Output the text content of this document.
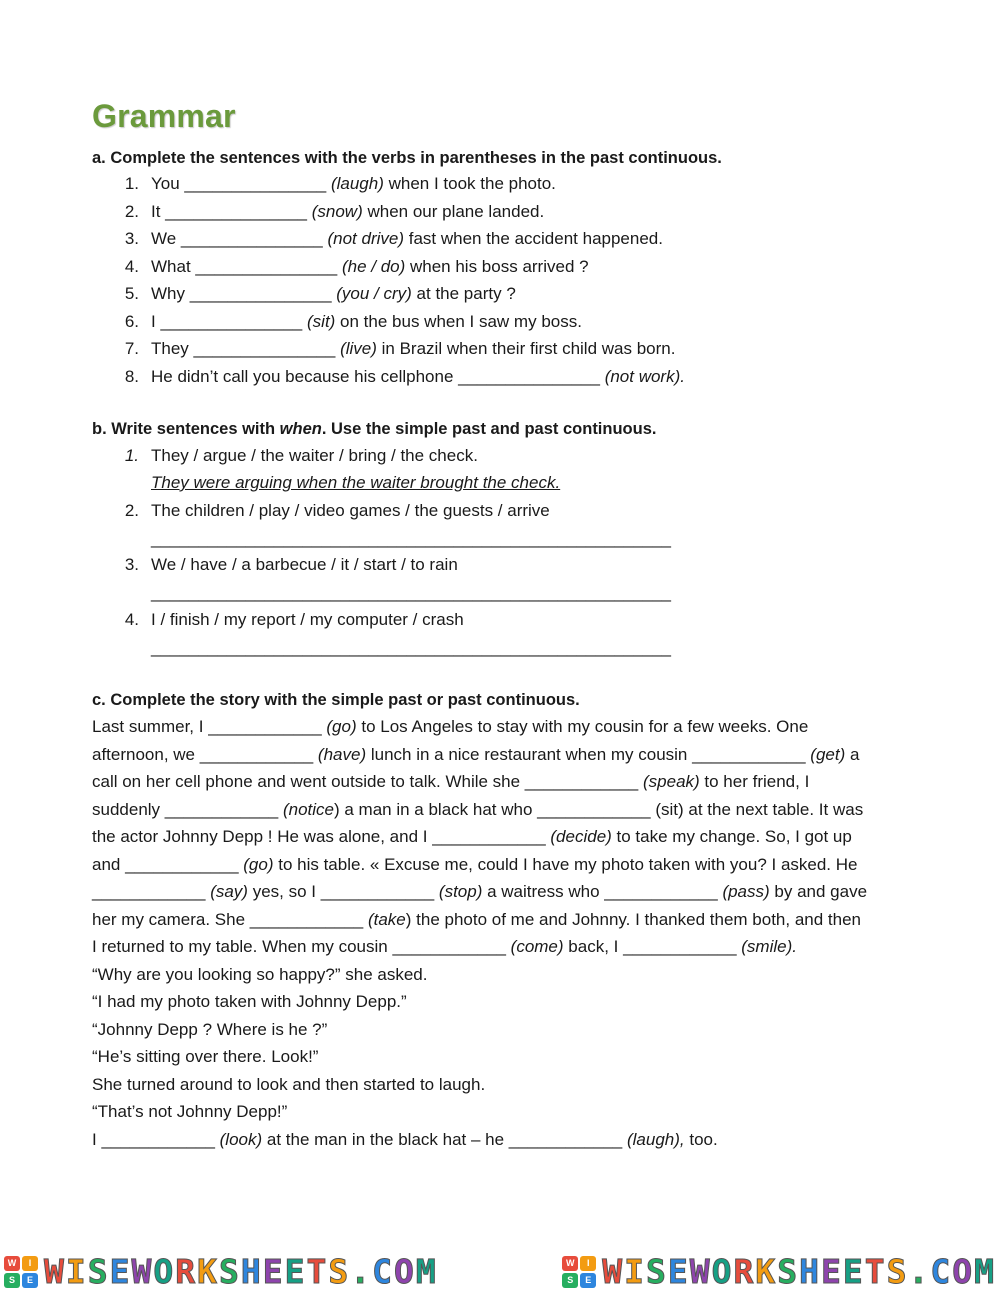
Grammar
a. Complete the sentences with the verbs in parentheses in the past continuous.
1. You _______________ (laugh) when I took the photo.
2. It _______________ (snow) when our plane landed.
3. We _______________ (not drive) fast when the accident happened.
4. What _______________ (he / do) when his boss arrived ?
5. Why _______________ (you / cry) at the party ?
6. I _______________ (sit) on the bus when I saw my boss.
7. They _______________ (live) in Brazil when their first child was born.
8. He didn’t call you because his cellphone _______________ (not work).
b. Write sentences with when. Use the simple past and past continuous.
1. They / argue / the waiter / bring / the check.
They were arguing when the waiter brought the check.
2. The children / play / video games / the guests / arrive
_______________________________________________________
3. We / have / a barbecue / it / start / to rain
_______________________________________________________
4. I / finish / my report / my computer / crash
_______________________________________________________
c. Complete the story with the simple past or past continuous.
Last summer, I ____________ (go) to Los Angeles to stay with my cousin for a few weeks. One
afternoon, we ____________ (have) lunch in a nice restaurant when my cousin ____________ (get) a
call on her cell phone and went outside to talk. While she ____________ (speak) to her friend, I
suddenly ____________ (notice) a man in a black hat who ____________ (sit) at the next table. It was
the actor Johnny Depp ! He was alone, and I ____________ (decide) to take my change. So, I got up
and ____________ (go) to his table. « Excuse me, could I have my photo taken with you? I asked. He
____________ (say) yes, so I ____________ (stop) a waitress who ____________ (pass) by and gave
her my camera. She ____________ (take) the photo of me and Johnny. I thanked them both, and then
I returned to my table. When my cousin ____________ (come) back, I ____________ (smile).
“Why are you looking so happy?” she asked.
“I had my photo taken with Johnny Depp.”
“Johnny Depp ? Where is he ?”
“He’s sitting over there. Look!”
She turned around to look and then started to laugh.
“That’s not Johnny Depp!”
I ____________ (look) at the man in the black hat – he ____________ (laugh), too.
W	I
S	E WISEWORKSHEETS.COM	W	I
S	E WISEWORKSHEETS.COM
